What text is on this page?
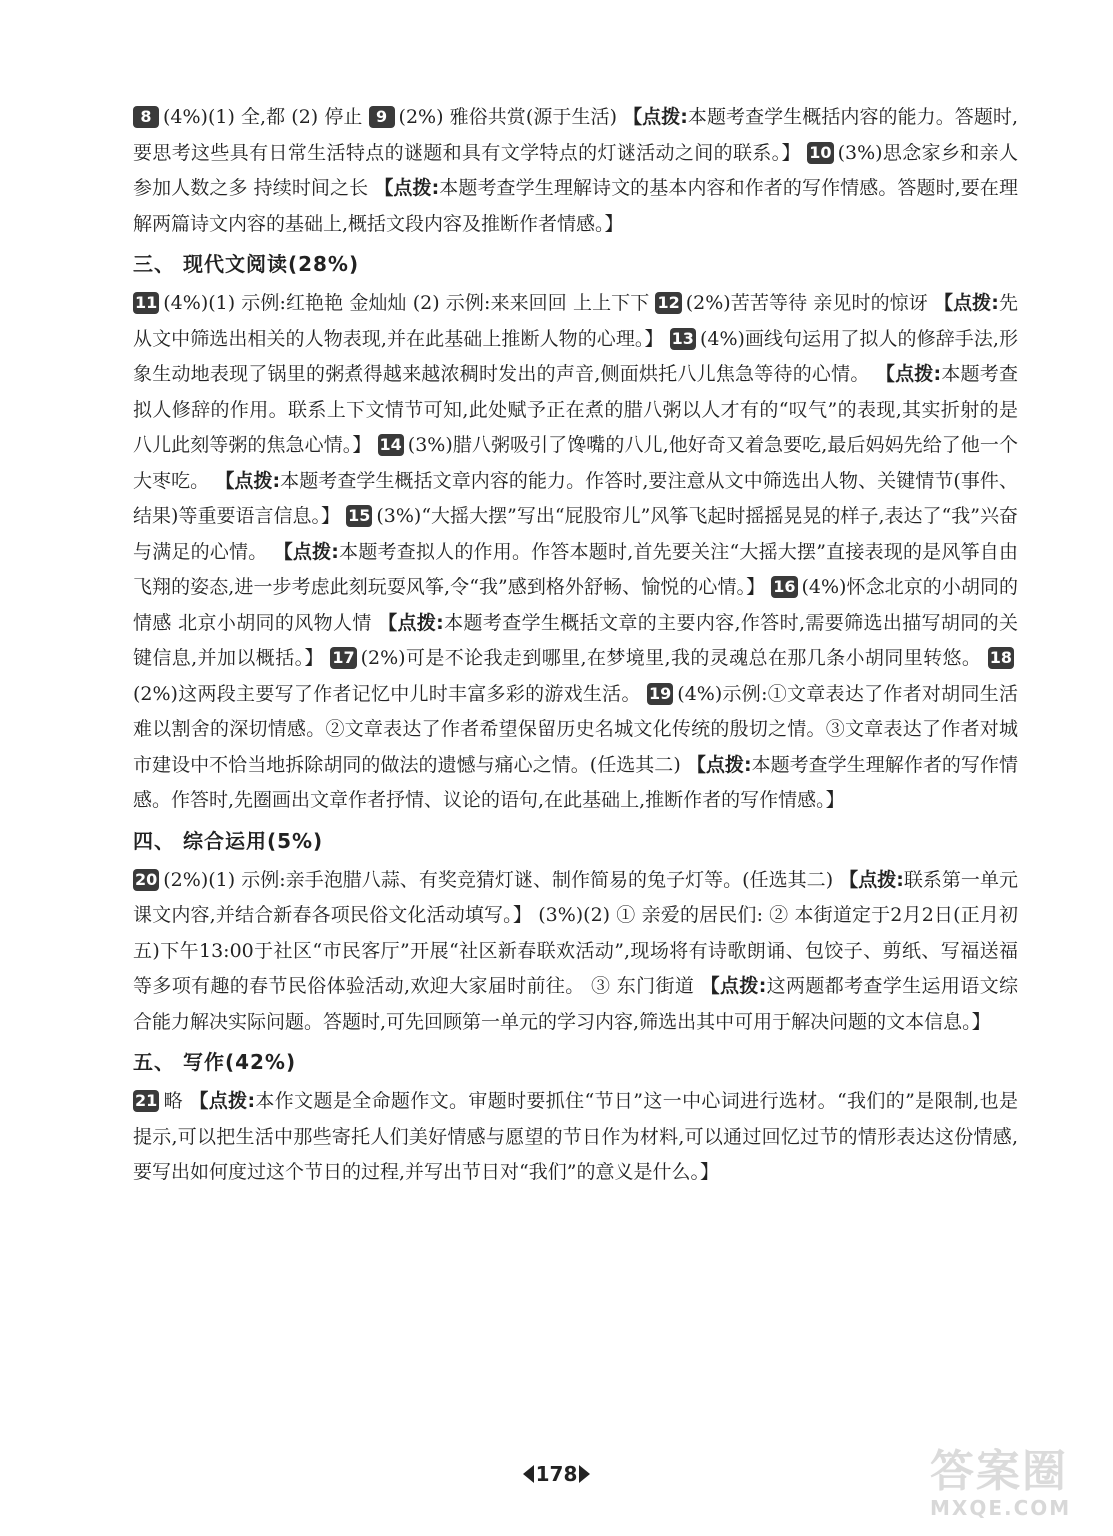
8 (4%)(1) 全,都 (2) 停止 9 (2%) 雅俗共赏(源于生活) 【点拨:本题考查学生概括内容的能力。答题时,要思考这些具有日常生活特点的谜题和具有文学特点的灯谜活动之间的联系。】 10 (3%)思念家乡和亲人 参加人数之多 持续时间之长 【点拨:本题考查学生理解诗文的基本内容和作者的写作情感。答题时,要在理解两篇诗文内容的基础上,概括文段内容及推断作者情感。】

三、 现代文阅读(28%)

11 (4%)(1) 示例:红艳艳 金灿灿 (2) 示例:来来回回 上上下下 12 (2%)苦苦等待 亲见时的惊讶 【点拨:先从文中筛选出相关的人物表现,并在此基础上推断人物的心理。】 13 (4%)画线句运用了拟人的修辞手法,形象生动地表现了锅里的粥煮得越来越浓稠时发出的声音,侧面烘托八儿焦急等待的心情。 【点拨:本题考查拟人修辞的作用。联系上下文情节可知,此处赋予正在煮的腊八粥以人才有的“叹气”的表现,其实折射的是八儿此刻等粥的焦急心情。】 14 (3%)腊八粥吸引了馋嘴的八儿,他好奇又着急要吃,最后妈妈先给了他一个大枣吃。 【点拨:本题考查学生概括文章内容的能力。作答时,要注意从文中筛选出人物、关键情节(事件、结果)等重要语言信息。】 15 (3%)“大摇大摆”写出“屁股帘儿”风筝飞起时摇摇晃晃的样子,表达了“我”兴奋与满足的心情。 【点拨:本题考查拟人的作用。作答本题时,首先要关注“大摇大摆”直接表现的是风筝自由飞翔的姿态,进一步考虑此刻玩耍风筝,令“我”感到格外舒畅、愉悦的心情。】 16 (4%)怀念北京的小胡同的情感 北京小胡同的风物人情 【点拨:本题考查学生概括文章的主要内容,作答时,需要筛选出描写胡同的关键信息,并加以概括。】 17 (2%)可是不论我走到哪里,在梦境里,我的灵魂总在那几条小胡同里转悠。 18(2%)这两段主要写了作者记忆中儿时丰富多彩的游戏生活。 19 (4%)示例:①文章表达了作者对胡同生活难以割舍的深切情感。②文章表达了作者希望保留历史名城文化传统的殷切之情。③文章表达了作者对城市建设中不恰当地拆除胡同的做法的遗憾与痛心之情。(任选其二) 【点拨:本题考查学生理解作者的写作情感。作答时,先圈画出文章作者抒情、议论的语句,在此基础上,推断作者的写作情感。】

四、 综合运用(5%)

20 (2%)(1) 示例:亲手泡腊八蒜、有奖竞猜灯谜、制作简易的兔子灯等。(任选其二) 【点拨:联系第一单元课文内容,并结合新春各项民俗文化活动填写。】 (3%)(2) ① 亲爱的居民们: ② 本街道定于2月2日(正月初五)下午13:00于社区“市民客厅”开展“社区新春联欢活动”,现场将有诗歌朗诵、包饺子、剪纸、写福送福等多项有趣的春节民俗体验活动,欢迎大家届时前往。 ③ 东门街道 【点拨:这两题都考查学生运用语文综合能力解决实际问题。答题时,可先回顾第一单元的学习内容,筛选出其中可用于解决问题的文本信息。】

五、 写作(42%)

21 略 【点拨:本作文题是全命题作文。审题时要抓住“节日”这一中心词进行选材。“我们的”是限制,也是提示,可以把生活中那些寄托人们美好情感与愿望的节日作为材料,可以通过回忆过节的情形表达这份情感,要写出如何度过这个节日的过程,并写出节日对“我们”的意义是什么。】

178	答案圈
MXQE.COM
